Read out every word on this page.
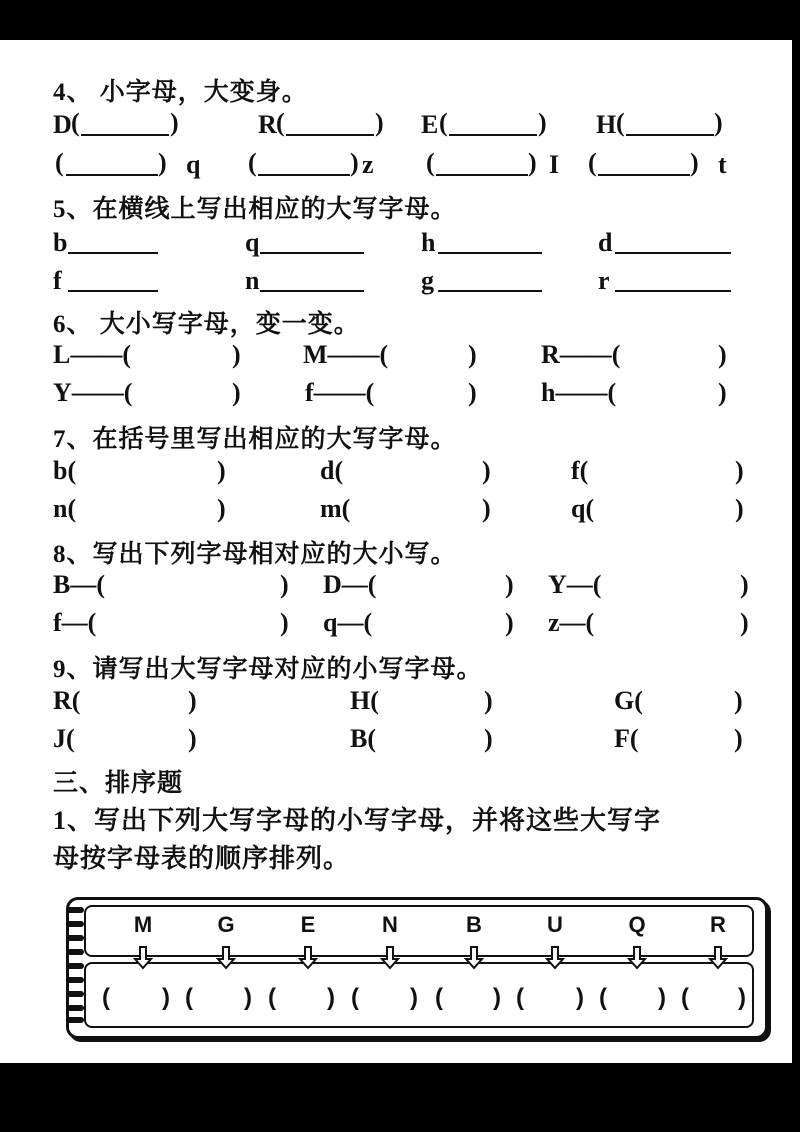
4、 小字母，大变身。
D (	)	R (	) E (	) H (	)
(	) q (	) z (	) I (	) t
5、在横线上写出相应的大写字母。
b	q	h	d
f	n	g	r
6、 大小写字母，变一变。
L——(	) M——(	) R——(	)
Y——(	) f——(	) h——(	)
7、在括号里写出相应的大写字母。
b(	)	d(	)	f(	)
n(	)	m(	)	q(	)
8、写出下列字母相对应的大小写。
B—(	) D—(	) Y—(	)
f—(	) q—(	) z—(	)
9、请写出大写字母对应的小写字母。
R(	)	H(	)	G(	)
J(	)	B(	)	F(	)
三、排序题
1、写出下列大写字母的小写字母，并将这些大写字
母按字母表的顺序排列。
M	G	E	N	B	U	Q	R
( ) ( ) ( ) ( ) ( ) ( ) ( ) ( )
